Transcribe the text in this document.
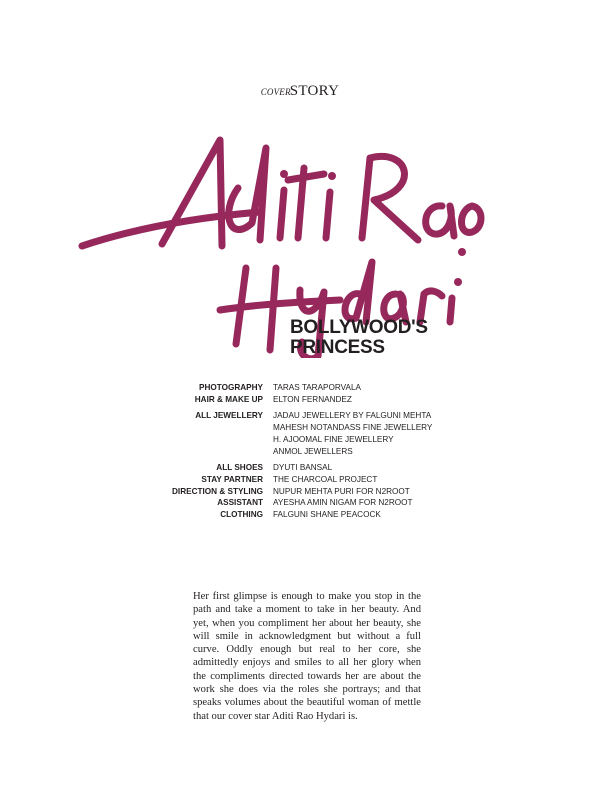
COVERSTORY
BOLLYWOOD'S
PRINCESS
PHOTOGRAPHY	TARAS TARAPORVALA
HAIR & MAKE UP	ELTON FERNANDEZ
ALL JEWELLERY	JADAU JEWELLERY BY FALGUNI MEHTA
MAHESH NOTANDASS FINE JEWELLERY
H. AJOOMAL FINE JEWELLERY
ANMOL JEWELLERS
ALL SHOES	DYUTI BANSAL
STAY PARTNER	THE CHARCOAL PROJECT
DIRECTION & STYLING	NUPUR MEHTA PURI FOR N2ROOT
ASSISTANT	AYESHA AMIN NIGAM FOR N2ROOT
CLOTHING	FALGUNI SHANE PEACOCK
Her first glimpse is enough to make you stop in the path and take a moment to take in her beauty. And yet, when you compliment her about her beauty, she will smile in acknowledgment but without a full curve. Oddly enough but real to her core, she admittedly enjoys and smiles to all her glory when the compliments directed towards her are about the work she does via the roles she portrays; and that speaks volumes about the beautiful woman of mettle that our cover star Aditi Rao Hydari is.
